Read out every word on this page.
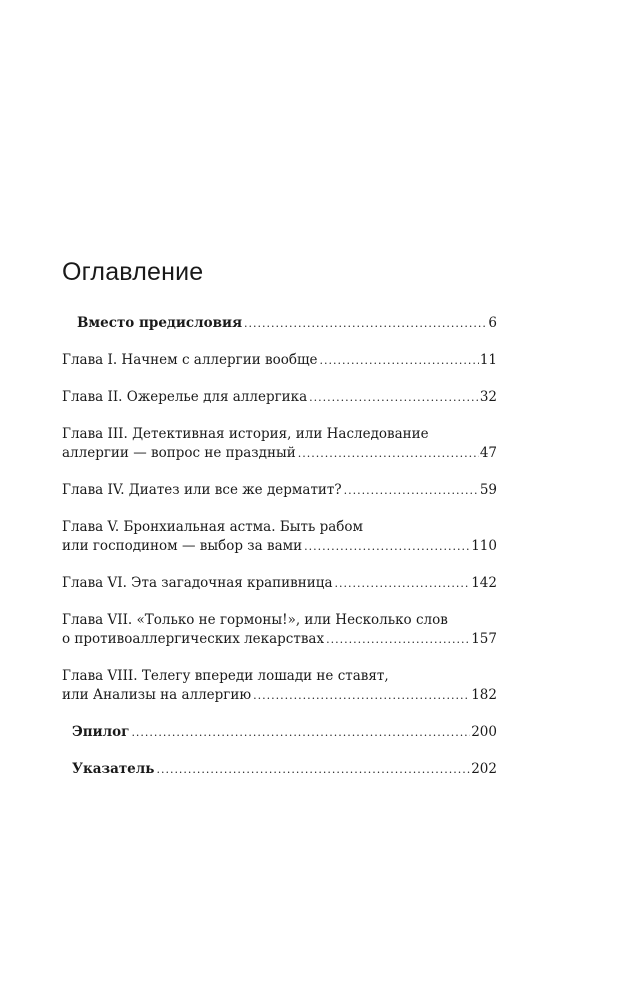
Оглавление
Вместо предисловия .....	6
Глава I. Начнем с аллергии вообще .....	11
Глава II. Ожерелье для аллергика .....	32
Глава III. Детективная история, или Наследование
аллергии — вопрос не праздный .....	47
Глава IV. Диатез или все же дерматит? .....	59
Глава V. Бронхиальная астма. Быть рабом
или господином — выбор за вами .....	110
Глава VI. Эта загадочная крапивница .....	142
Глава VII. «Только не гормоны!», или Несколько слов
о противоаллергических лекарствах .....	157
Глава VIII. Телегу впереди лошади не ставят,
или Анализы на аллергию .....	182
Эпилог .....	200
Указатель .....	202
